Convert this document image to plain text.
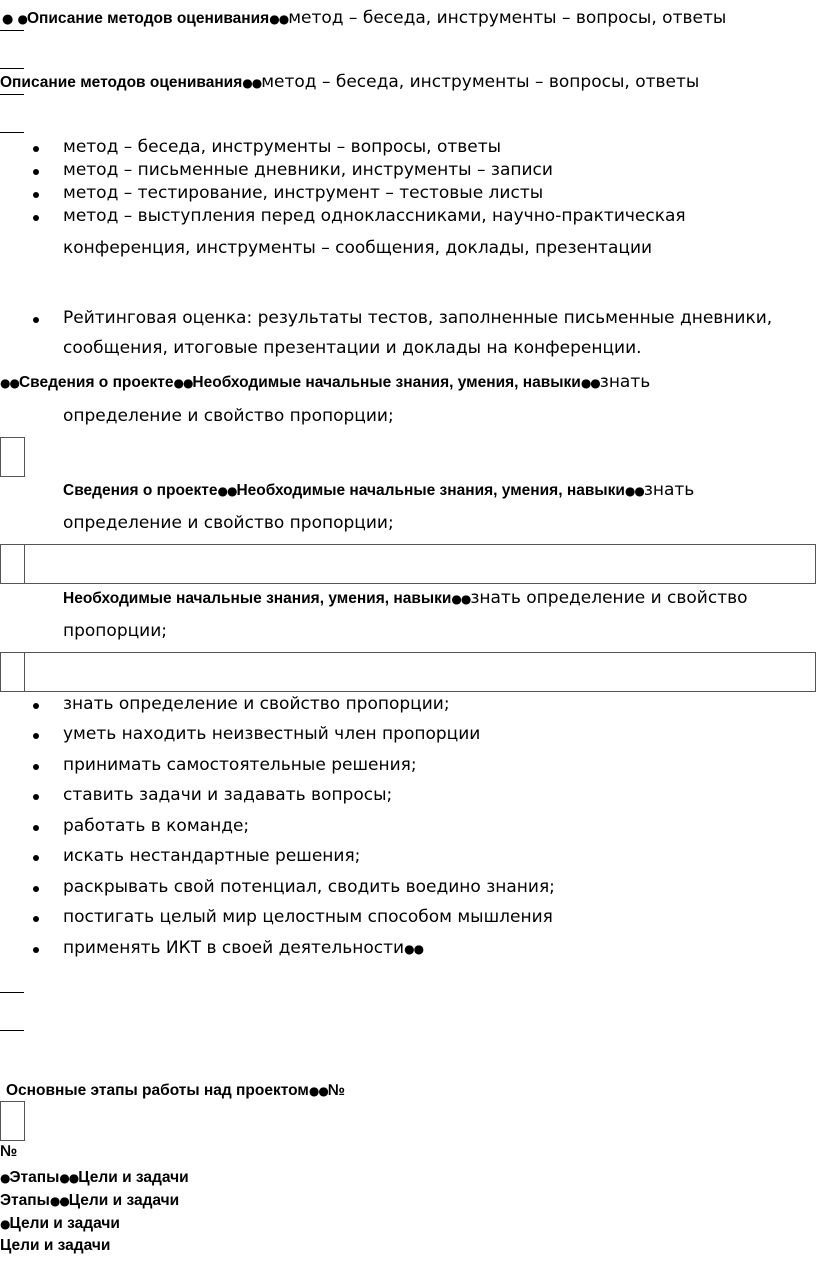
● ●Описание методов оценивания●●метод – беседа, инструменты – вопросы, ответы
Описание методов оценивания●●метод – беседа, инструменты – вопросы, ответы
метод – беседа, инструменты – вопросы, ответы
метод – письменные дневники, инструменты – записи
метод – тестирование, инструмент – тестовые листы
метод – выступления перед одноклассниками, научно-практическая
конференция, инструменты – сообщения, доклады, презентации
Рейтинговая оценка: результаты тестов, заполненные письменные дневники,
сообщения, итоговые презентации и доклады на конференции.
●●Сведения о проекте●●Необходимые начальные знания, умения, навыки●●знать
определение и свойство пропорции;
Сведения о проекте●●Необходимые начальные знания, умения, навыки●●знать
определение и свойство пропорции;
Необходимые начальные знания, умения, навыки●●знать определение и свойство
пропорции;
знать определение и свойство пропорции;
уметь находить неизвестный член пропорции
принимать самостоятельные решения;
ставить задачи и задавать вопросы;
работать в команде;
искать нестандартные решения;
раскрывать свой потенциал, сводить воедино знания;
постигать целый мир целостным способом мышления
применять ИКТ в своей деятельности●●
Основные этапы работы над проектом●●№
№
●Этапы●●Цели и задачи
Этапы●●Цели и задачи
●Цели и задачи
Цели и задачи
